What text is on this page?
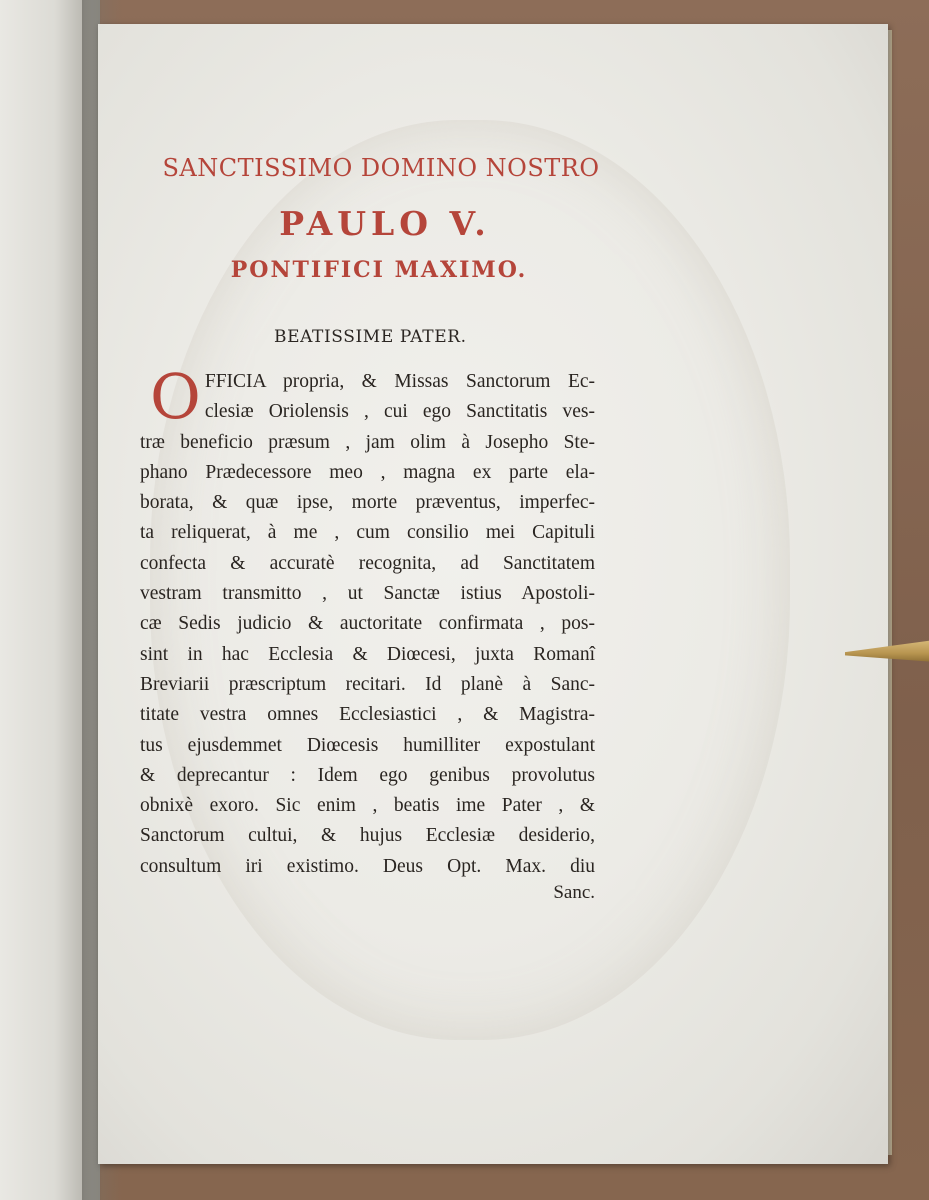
SANCTISSIMO DOMINO NOSTRO
PAULO V.
PONTIFICI MAXIMO.
BEATISSIME PATER.
O FFICIA propria, & Missas Sanctorum Ec-
clesiæ Oriolensis , cui ego Sanctitatis ves-
træ beneficio præsum , jam olim à Josepho Ste-
phano Prædecessore meo , magna ex parte ela-
borata, & quæ ipse, morte præventus, imperfec-
ta reliquerat, à me , cum consilio mei Capituli
confecta & accuratè recognita, ad Sanctitatem
vestram transmitto , ut Sanctæ istius Apostoli-
cæ Sedis judicio & auctoritate confirmata , pos-
sint in hac Ecclesia & Diœcesi, juxta Romanî
Breviarii præscriptum recitari. Id planè à Sanc-
titate vestra omnes Ecclesiastici , & Magistra-
tus ejusdemmet Diœcesis humilliter expostulant
& deprecantur : Idem ego genibus provolutus
obnixè exoro. Sic enim , beatis ime Pater , &
Sanctorum cultui, & hujus Ecclesiæ desiderio,
consultum iri existimo. Deus Opt. Max. diu
Sanc.
